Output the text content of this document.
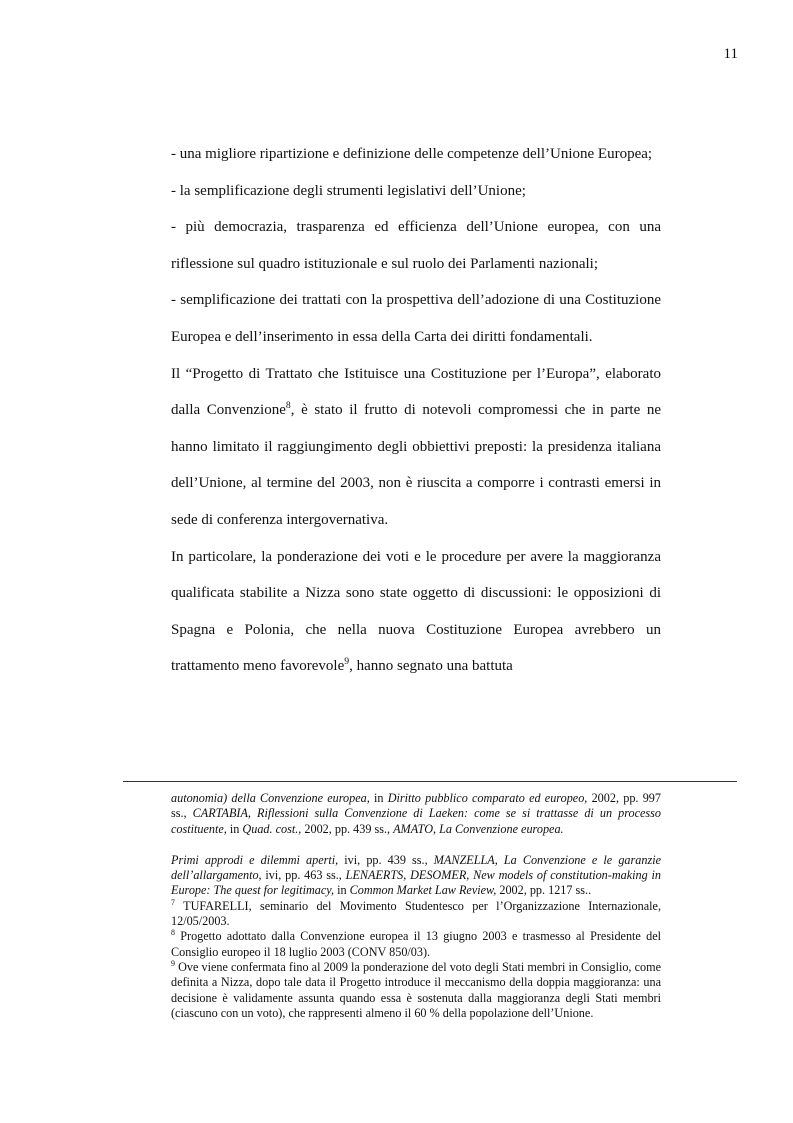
11

- una migliore ripartizione e definizione delle competenze dell’Unione Europea;

- la semplificazione degli strumenti legislativi dell’Unione;

- più democrazia, trasparenza ed efficienza dell’Unione europea, con una riflessione sul quadro istituzionale e sul ruolo dei Parlamenti nazionali;

- semplificazione dei trattati con la prospettiva dell’adozione di una Costituzione Europea e dell’inserimento in essa della Carta dei diritti fondamentali.

Il “Progetto di Trattato che Istituisce una Costituzione per l’Europa”, elaborato dalla Convenzione$^8$, è stato il frutto di notevoli compromessi che in parte ne hanno limitato il raggiungimento degli obbiettivi preposti: la presidenza italiana dell’Unione, al termine del 2003, non è riuscita a comporre i contrasti emersi in sede di conferenza intergovernativa.

In particolare, la ponderazione dei voti e le procedure per avere la maggioranza qualificata stabilite a Nizza sono state oggetto di discussioni: le opposizioni di Spagna e Polonia, che nella nuova Costituzione Europea avrebbero un trattamento meno favorevole$^9$, hanno segnato una battuta

autonomia) della Convenzione europea, in Diritto pubblico comparato ed europeo, 2002, pp. 997 ss., CARTABIA, Riflessioni sulla Convenzione di Laeken: come se si trattasse di un processo costituente, in Quad. cost., 2002, pp. 439 ss., AMATO, La Convenzione europea.

Primi approdi e dilemmi aperti, ivi, pp. 439 ss., MANZELLA, La Convenzione e le garanzie dell’allargamento, ivi, pp. 463 ss., LENAERTS, DESOMER, New models of constitution-making in Europe: The quest for legitimacy, in Common Market Law Review, 2002, pp. 1217 ss..

$^7$ TUFARELLI, seminario del Movimento Studentesco per l’Organizzazione Internazionale, 12/05/2003.

$^8$ Progetto adottato dalla Convenzione europea il 13 giugno 2003 e trasmesso al Presidente del Consiglio europeo il 18 luglio 2003 (CONV 850/03).

$^9$ Ove viene confermata fino al 2009 la ponderazione del voto degli Stati membri in Consiglio, come definita a Nizza, dopo tale data il Progetto introduce il meccanismo della doppia maggioranza: una decisione è validamente assunta quando essa è sostenuta dalla maggioranza degli Stati membri (ciascuno con un voto), che rappresenti almeno il 60 % della popolazione dell’Unione.
